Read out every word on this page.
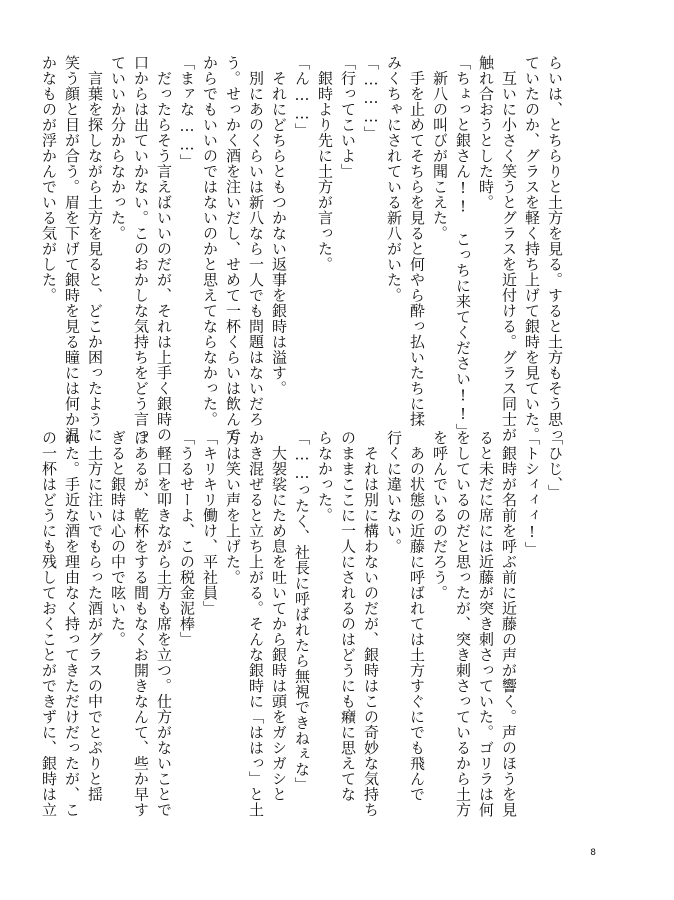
らいは、とちらりと土方を見る。すると土方もそう思っ

ていたのか、グラスを軽く持ち上げて銀時を見ていた。

　互いに小さく笑うとグラスを近付ける。グラス同士が

触れ合おうとした時。

「ちょっと銀さん!!　こっちに来てください!!」

　新八の叫びが聞こえた。

　手を止めてそちらを見ると何やら酔っ払いたちに揉

みくちゃにされている新八がいた。

「………」

「行ってこいよ」

　銀時より先に土方が言った。

「ん……」

　それにどちらともつかない返事を銀時は溢す。

　別にあのくらいは新八なら一人でも問題はないだろ

う。せっかく酒を注いだし、せめて一杯くらいは飲んで

からでもいいのではないのかと思えてならなかった。

「まァな……」

　だったらそう言えばいいのだが、それは上手く銀時の

口からは出ていかない。このおかしな気持ちをどう言っ

ていいか分からなかった。

　言葉を探しながら土方を見ると、どこか困ったように

笑う顔と目が合う。眉を下げて銀時を見る瞳には何か温

かなものが浮かんでいる気がした。

「ひじ、」

「トシィィィ!」

　銀時が名前を呼ぶ前に近藤の声が響く。声のほうを見

ると未だに席には近藤が突き刺さっていた。ゴリラは何

をしているのだと思ったが、突き刺さっているから土方

を呼んでいるのだろう。

　あの状態の近藤に呼ばれては土方すぐにでも飛んで

行くに違いない。

　それは別に構わないのだが、銀時はこの奇妙な気持ち

のままここに一人にされるのはどうにも癪に思えてな

らなかった。

「……ったく、社長に呼ばれたら無視できねぇな」

　大袈裟にため息を吐いてから銀時は頭をガシガシと

かき混ぜると立ち上がる。そんな銀時に「ははっ」と土

方は笑い声を上げた。

「キリキリ働け、平社員」

「うるせーよ、この税金泥棒」

　軽口を叩きながら土方も席を立つ。仕方がないことで

はあるが、乾杯をする間もなくお開きなんて、些か早す

ぎると銀時は心の中で呟いた。

　土方に注いでもらった酒がグラスの中でとぷりと揺

れた。手近な酒を理由なく持ってきただけだったが、こ

の一杯はどうにも残しておくことができずに、銀時は立

8
